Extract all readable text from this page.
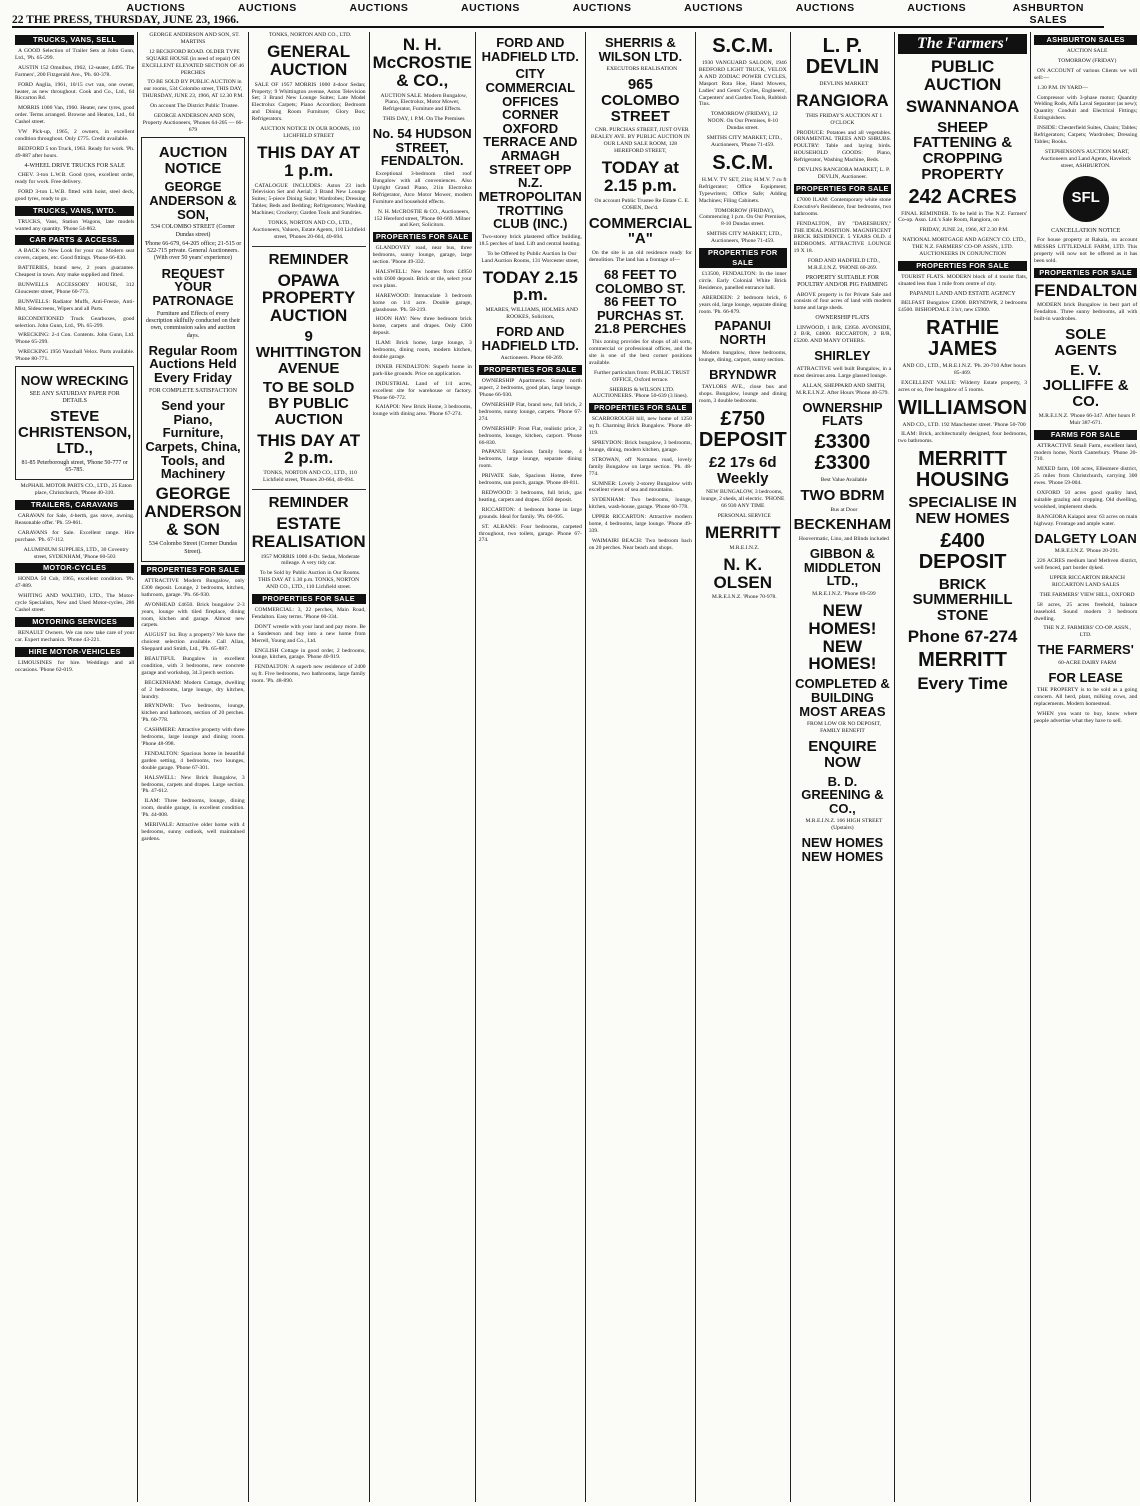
22 THE PRESS, THURSDAY, JUNE 23, 1966.
AUCTIONS	AUCTIONS	AUCTIONS	AUCTIONS	AUCTIONS	AUCTIONS	AUCTIONS	AUCTIONS	ASHBURTON SALES
TRUCKS, VANS, SELL

A GOOD Selection of Trailer Sets at John Gunn, Ltd., 'Ph. 65-299.

AUSTIN 152 Omnibus, 1962, 12-seater, £495. The Farmers', 200 Fitzgerald Ave., 'Ph. 60-378.

FORD Anglia, 1961, 10/15 cwt van, one owner, heater, as new throughout. Cook and Co., Ltd., 64 Riccarton Rd.

MORRIS 1000 Van, 1960. Heater, new tyres, good order. Terms arranged. Browne and Heaton, Ltd., 64 Cashel street.

VW Pick-up, 1965, 2 owners, in excellent condition throughout. Only £775. Credit available.

BEDFORD 5 ton Truck, 1963. Ready for work. 'Ph. 49-887 after hours.

4-WHEEL DRIVE TRUCKS FOR SALE

CHEV. 3-ton L.W.B. Good tyres, excellent order, ready for work. Free delivery.

FORD 3-ton L.W.B. fitted with hoist, steel deck, good tyres, ready to go.

TRUCKS, VANS, WTD.

TRUCKS, Vans, Station Wagons, late models wanted any quantity. 'Phone 54-862.

CAR PARTS & ACCESS.

A BACK to New Look for your car. Modern seat covers, carpets, etc. Good fittings. 'Phone 66-830.

BATTERIES, brand new, 2 years guarantee. Cheapest in town. Any make supplied and fitted.

BUNWELLS ACCESSORY HOUSE, 312 Gloucester street, 'Phone 60-773.

BUNWELLS: Radiator Muffs, Anti-Freeze, Anti-Mist, Sidescreens, Wipers and all Parts.

RECONDITIONED Truck Gearboxes, good selection. John Gunn, Ltd., 'Ph. 65-299.

WRECKING: 2-4 Con. Contents. John Gunn, Ltd. 'Phone 65-299.

WRECKING 1956 Vauxhall Velox. Parts available. 'Phone 80-771.

NOW WRECKING
SEE ANY SATURDAY PAPER FOR DETAILS
STEVE CHRISTENSON, LTD.,
81-85 Peterborough street, 'Phone 50-777 or 65-785.

McPHAIL MOTOR PARTS CO., LTD., 25 Eaton place, Christchurch, 'Phone 40-310.

TRAILERS, CARAVANS

CARAVAN for Sale, 4-berth, gas stove, awning. Reasonable offer. 'Ph. 59-861.

CARAVANS for Sale. Excellent range. Hire purchase. 'Ph. 67-112.

ALUMINIUM SUPPLIES, LTD., 30 Coventry street, SYDENHAM, 'Phone 60-503

MOTOR-CYCLES

HONDA 50 Cub, 1965, excellent condition. 'Ph. 47-889.

WHITING AND WALTHO, LTD., The Motor-cycle Specialists, New and Used Motor-cycles, 286 Cashel street.

MOTORING SERVICES

RENAULT Owners. We can now take care of your car. Expert mechanics. 'Phone 43-221.

HIRE MOTOR-VEHICLES

LIMOUSINES for hire. Weddings and all occasions. 'Phone 62-019.

GEORGE ANDERSON AND SON, ST. MARTINS

12 BECKFORD ROAD. OLDER TYPE SQUARE HOUSE (in need of repair) ON EXCELLENT ELEVATED SECTION OF 46 PERCHES

TO BE SOLD BY PUBLIC AUCTION in our rooms, 534 Colombo street, THIS DAY, THURSDAY, JUNE 23, 1966, AT 12.30 P.M.

On account The District Public Trustee.

GEORGE ANDERSON AND SON, Property Auctioneers, 'Phones 64-205 — 66-679

AUCTION NOTICE
GEORGE ANDERSON & SON,
534 COLOMBO STREET (Corner Dundas street)
'Phone 66-679, 64-205 office; 21-515 or 522-715 private. General Auctioneers. (With over 50 years' experience)
REQUEST YOUR PATRONAGE
Furniture and Effects of every description skilfully conducted on their own, commission sales and auction days.
Regular Room Auctions Held Every Friday
FOR COMPLETE SATISFACTION
Send your Piano, Furniture, Carpets, China, Tools, and Machinery
GEORGE ANDERSON & SON
534 Colombo Street (Corner Dundas Street).
PROPERTIES FOR SALE

ATTRACTIVE Modern Bungalow, only £300 deposit. Lounge, 2 bedrooms, kitchen, bathroom, garage. 'Ph. 66-930.

AVONHEAD £4650. Brick bungalow 2-3 years, lounge with tiled fireplace, dining room, kitchen and garage. Almost new carpets.

AUGUST 1st. Buy a property? We have the choicest selection available. Call Allan, Sheppard and Smith, Ltd., 'Ph. 65-887.

BEAUTIFUL Bungalow in excellent condition, with 3 bedrooms, new concrete garage and workshop, 34.3 perch section.

BECKENHAM: Modern Cottage, dwelling of 2 bedrooms, large lounge, dry kitchen, laundry.

BRYNDWR: Two bedrooms, lounge, kitchen and bathroom, section of 20 perches. 'Ph. 60-778.

CASHMERE: Attractive property with three bedrooms, large lounge and dining room. 'Phone 48-998.

FENDALTON: Spacious home in beautiful garden setting, 4 bedrooms, two lounges, double garage. 'Phone 67-301.

HALSWELL: New Brick Bungalow, 3 bedrooms, carpets and drapes. Large section. 'Ph. 47-612.

ILAM: Three bedrooms, lounge, dining room, double garage, in excellent condition. 'Ph. 44-008.

MERIVALE: Attractive older home with 4 bedrooms, sunny outlook, well maintained gardens.

TONKS, NORTON AND CO., LTD.

GENERAL AUCTION

SALE OF 1957 MORRIS 1000 4-door Sedan; Property; 9 Whittington avenue, Aston Television Set; 3 Brand New Lounge Suites; Late Model Electrolux Carpets; Piano Accordion; Bedroom and Dining Room Furniture; Glory Box; Refrigerators.

AUCTION NOTICE IN OUR ROOMS, 110 LICHFIELD STREET

THIS DAY AT 1 p.m.

CATALOGUE INCLUDES: Aston 23 inch Television Set and Aerial; 3 Brand New Lounge Suites; 5-piece Dining Suite; Wardrobes; Dressing Tables; Beds and Bedding; Refrigerators; Washing Machines; Crockery; Garden Tools and Sundries.

TONKS, NORTON AND CO., LTD., Auctioneers, Valuers, Estate Agents, 110 Lichfield street, 'Phones 20-664, 40-694.

REMINDER
OPAWA PROPERTY AUCTION
9 WHITTINGTON AVENUE
TO BE SOLD BY PUBLIC AUCTION
THIS DAY AT 2 p.m.

TONKS, NORTON AND CO., LTD., 110 Lichfield street, 'Phones 20-664, 40-694.

REMINDER
ESTATE REALISATION

1957 MORRIS 1000 4-Dr. Sedan, Moderate mileage. A very tidy car.

To be Sold by Public Auction in Our Rooms. THIS DAY AT 1.30 p.m. TONKS, NORTON AND CO., LTD., 110 Lichfield street.

PROPERTIES FOR SALE

COMMERCIAL: 3, 22 perches, Main Road, Fendalton. Easy terms. 'Phone 60-334.

DON'T wrestle with your land and pay more. Be a Sanderson and buy into a new home from Merrell, Young and Co., Ltd.

ENGLISH Cottage in good order, 2 bedrooms, lounge, kitchen, garage. 'Phone 40-919.

FENDALTON: A superb new residence of 2400 sq ft. Five bedrooms, two bathrooms, large family room. 'Ph. 48-890.

N. H. McCROSTIE & CO.,

AUCTION SALE. Modern Bungalow, Piano, Electrolux, Motor Mower, Refrigerator, Furniture and Effects.

THIS DAY, 1 P.M. On The Premises

No. 54 HUDSON STREET, FENDALTON.

Exceptional 3-bedroom tiled roof Bungalow with all conveniences. Also Upright Grand Piano, 21in Electrolux Refrigerator, Atco Motor Mower, modern Furniture and household effects.

N. H. McCROSTIE & CO., Auctioneers, 152 Hereford street, 'Phone 60-669. Milner and Kerr, Solicitors.

PROPERTIES FOR SALE

GLANDOVEY road, near bus, three bedrooms, sunny lounge, garage, large section. 'Phone 49-332.

HALSWELL: New homes from £4950 with £600 deposit. Brick or tile, select your own plans.

HAREWOOD: Immaculate 3 bedroom home on 1/4 acre. Double garage, glasshouse. 'Ph. 58-219.

HOON HAY: New three bedroom brick home, carpets and drapes. Only £300 deposit.

ILAM: Brick home, large lounge, 3 bedrooms, dining room, modern kitchen, double garage.

INNER FENDALTON: Superb home in park-like grounds. Price on application.

INDUSTRIAL Land of 1/4 acres, excellent site for warehouse or factory. 'Phone 60-772.

KAIAPOI: New Brick Home, 3 bedrooms, lounge with dining area. 'Phone 67-274.

FORD AND HADFIELD LTD.
CITY COMMERCIAL OFFICES CORNER OXFORD TERRACE AND ARMAGH STREET OPP N.Z. METROPOLITAN TROTTING CLUB (INC.)

Two-storey brick plastered office building, 18.5 perches of land. Lift and central heating.

To be Offered by Public Auction In Our Land Auction Rooms, 131 Worcester street,

TODAY 2.15 p.m.

MEARES, WILLIAMS, HOLMES AND ROOKES, Solicitors,

FORD AND HADFIELD LTD.

Auctioneers. Phone 60-269.

PROPERTIES FOR SALE

OWNERSHIP Apartments. Sunny north aspect, 2 bedrooms, good plan, large lounge. 'Phone 66-930.

OWNERSHIP Flat, brand new, full brick, 2 bedrooms, sunny lounge, carpets. 'Phone 67-274.

OWNERSHIP: Frost Flat, realistic price, 2 bedrooms, lounge, kitchen, carport. 'Phone 66-830.

PAPANUI: Spacious family home, 4 bedrooms, large lounge, separate dining room.

PRIVATE Sale, Spacious Home, three bedrooms, sun porch, garage. 'Phone 48-811.

REDWOOD: 3 bedrooms, full brick, gas heating, carpets and drapes. £650 deposit.

RICCARTON: 4 bedroom home in large grounds. Ideal for family. 'Ph. 60-995.

ST. ALBANS: Four bedrooms, carpeted throughout, two toilets, garage. Phone 67-274.

SHERRIS & WILSON LTD.

EXECUTORS REALISATION

965 COLOMBO STREET

CNR. PURCHAS STREET, JUST OVER BEALEY AVE. BY PUBLIC AUCTION IN OUR LAND SALE ROOM, 128 HEREFORD STREET,

TODAY at 2.15 p.m.

On account Public Trustee Re Estate C. E. COHEN, Dec'd.

COMMERCIAL "A"

On the site is an old residence ready for demolition. The land has a frontage of—

68 FEET TO COLOMBO ST. 86 FEET TO PURCHAS ST. 21.8 PERCHES

This zoning provides for shops of all sorts, commercial or professional offices, and the site is one of the best corner positions available.

Further particulars from: PUBLIC TRUST OFFICE, Oxford terrace.

SHERRIS & WILSON LTD. AUCTIONEERS. 'Phone 50-639 (3 lines).

PROPERTIES FOR SALE

SCARBOROUGH hill, new home of 1250 sq ft. Charming Brick Bungalow. 'Phone 48-119.

SPREYDON: Brick bungalow, 3 bedrooms, lounge, dining, modern kitchen, garage.

STROWAN, off Normans road, lovely family Bungalow on large section. 'Ph. 48-774.

SUMNER: Lovely 2-storey Bungalow with excellent views of sea and mountains.

SYDENHAM: Two bedrooms, lounge, kitchen, wash-house, garage. 'Phone 60-778.

UPPER RICCARTON: Attractive modern home, 4 bedrooms, large lounge. 'Phone 49-339.

WAIMAIRI BEACH: Two bedroom bach on 20 perches. Near beach and shops.

S.C.M.

1930 VANGUARD SALOON, 1946 BEDFORD LIGHT TRUCK, VELOX A AND ZODIAC POWER CYCLES, Masport Rota Hoe, Hand Mowers, Ladies' and Gents' Cycles, Engineers', Carpenters' and Garden Tools, Rubbish Tins.

TOMORROW (FRIDAY), 12 NOON. On Our Premises, 8-10 Dundas street.

SMITHS CITY MARKET, LTD., Auctioneers, 'Phone 71-459.

S.C.M.

H.M.V. TV SET, 21in; H.M.V. 7 cu ft Refrigerator; Office Equipment; Typewriters; Office Safe; Adding Machines; Filing Cabinets.

TOMORROW (FRIDAY), Commencing 1 p.m. On Our Premises, 8-10 Dundas street.

SMITHS CITY MARKET, LTD., Auctioneers, 'Phone 71-459.

PROPERTIES FOR SALE

£13500, FENDALTON: In the inner circle. Early Colonial White Brick Residence, panelled entrance hall.

ABERDEEN: 2 bedroom brick, 6 years old, large lounge, separate dining room. 'Ph. 66-879.

PAPANUI NORTH

Modern bungalow, three bedrooms, lounge, dining, carport, sunny section.

BRYNDWR

TAYLORS AVE., close bus and shops. Bungalow, lounge and dining room, 3 double bedrooms.

£750 DEPOSIT
£2 17s 6d Weekly

NEW BUNGALOW, 3 bedrooms, lounge, 2 sheds, all electric. 'PHONE 66 930 ANY TIME

PERSONAL SERVICE

MERRITT

M.R.E.I.N.Z.

N. K. OLSEN

M.R.E.I.N.Z. 'Phone 70-978.

L. P. DEVLIN

DEVLINS MARKET

RANGIORA

THIS FRIDAY'S AUCTION AT 1 O'CLOCK

PRODUCE: Potatoes and all vegetables. ORNAMENTAL TREES AND SHRUBS. POULTRY: Table and laying birds. HOUSEHOLD GOODS: Piano, Refrigerator, Washing Machine, Beds.

DEVLINS RANGIORA MARKET, L. P. DEVLIN, Auctioneer.

PROPERTIES FOR SALE

£7000 ILAM: Contemporary white stone Executive's Residence, four bedrooms, two bathrooms.

FENDALTON, BY "DARESBURY," THE IDEAL POSITION. MAGNIFICENT BRICK RESIDENCE. 5 YEARS OLD. 4 BEDROOMS. ATTRACTIVE LOUNGE 19 X 18.

FORD AND HADFIELD LTD., M.R.E.I.N.Z. 'PHONE 60-269.

PROPERTY SUITABLE FOR POULTRY AND/OR PIG FARMING

ABOVE property is for Private Sale and consists of four acres of land with modern home and large sheds.

OWNERSHIP FLATS

LINWOOD, 1 B/R, £3950. AVONSIDE, 2 B/R, £4800. RICCARTON, 2 B/R, £5200. AND MANY OTHERS.

SHIRLEY

ATTRACTIVE well built Bungalow, in a most desirous area. Large glassed lounge.

ALLAN, SHEPPARD AND SMITH, M.R.E.I.N.Z. After Hours 'Phone 40-579.

OWNERSHIP FLATS
£3300 £3300

Best Value Available

TWO BDRM

Bus at Door

BECKENHAM

Hoovermatic, Lino, and Blinds included

GIBBON & MIDDLETON LTD.,

M.R.E.I.N.Z. 'Phone 69-599

NEW HOMES! NEW HOMES!
COMPLETED & BUILDING MOST AREAS

FROM LOW OR NO DEPOSIT, FAMILY BENEFIT

ENQUIRE NOW
B. D. GREENING & CO.,

M.R.E.I.N.Z. 166 HIGH STREET (Upstairs)

NEW HOMES NEW HOMES
The Farmers'
PUBLIC AUCTION
SWANNANOA
SHEEP FATTENING & CROPPING PROPERTY
242 ACRES

FINAL REMINDER. To be held in The N.Z. Farmers' Co-op. Assn. Ltd.'s Sale Room, Rangiora, on

FRIDAY, JUNE 24, 1966, AT 2.30 P.M.

NATIONAL MORTGAGE AND AGENCY CO. LTD., THE N.Z. FARMERS' CO-OP. ASSN., LTD. AUCTIONEERS IN CONJUNCTION

PROPERTIES FOR SALE

TOURIST FLATS. MODERN block of 4 tourist flats, situated less than 1 mile from centre of city.

PAPANUI LAND AND ESTATE AGENCY

BELFAST Bungalow £3900. BRYNDWR, 2 bedrooms £4500. BISHOPDALE 3 b/r, new £5900.

RATHIE JAMES

AND CO., LTD., M.R.E.I.N.Z. 'Ph. 20-710 After hours 85-469.

EXCELLENT VALUE: Wilderry Estate property, 3 acres or so, free bungalow of 5 rooms.

WILLIAMSON

AND CO., LTD. 192 Manchester street. 'Phone 50-700

ILAM: Brick, architecturally designed, four bedrooms, two bathrooms.

MERRITT HOUSING
SPECIALISE IN NEW HOMES
£400 DEPOSIT
BRICK SUMMERHILL STONE
Phone 67-274
MERRITT
Every Time
ASHBURTON SALES

AUCTION SALE

TOMORROW (FRIDAY)

ON ACCOUNT of various Clients we will sell:—

1.30 P.M. IN YARD—

Compressor with 3-phase motor; Quantity Welding Rods, Alfa Laval Separator (as new); Quantity Conduit and Electrical Fittings; Extinguishers.

INSIDE: Chesterfield Suites, Chairs; Tables; Refrigerators; Carpets; Wardrobes; Dressing Tables; Books.

STEPHENSON'S AUCTION MART, Auctioneers and Land Agents, Havelock street, ASHBURTON.

SFL
CANCELLATION NOTICE

For house property at Rakaia, on account MESSRS LITTLEDALE FARM, LTD. This property will now not be offered as it has been sold.

PROPERTIES FOR SALE
FENDALTON

MODERN brick Bungalow in best part of Fendalton. Three sunny bedrooms, all with built-in wardrobes.

SOLE AGENTS
E. V. JOLLIFFE & CO.

M.R.E.I.N.Z. 'Phone 66-347. After hours P. Muir 387-671.

FARMS FOR SALE

ATTRACTIVE Small Farm, excellent land, modern home, North Canterbury. 'Phone 20-710.

MIXED farm, 100 acres, Ellesmere district, 25 miles from Christchurch, carrying 300 ewes. 'Phone 59-004.

OXFORD 50 acres good quality land, suitable grazing and cropping. Old dwelling, woolshed, implement sheds.

RANGIORA Kaiapoi area: 63 acres on main highway. Frontage and ample water.

DALGETY LOAN

M.R.E.I.N.Z. 'Phone 20-291.

226 ACRES medium land Methven district, well fenced, part border dyked.

UPPER RICCARTON BRANCH RICCARTON LAND SALES

THE FARMERS' VIEW HILL, OXFORD

58 acres, 25 acres freehold, balance leasehold. Sound modern 3 bedroom dwelling.

THE N.Z. FARMERS' CO-OP. ASSN., LTD.

THE FARMERS'

60-ACRE DAIRY FARM

FOR LEASE

THE PROPERTY is to be sold as a going concern. All herd, plant, milking cows, and replacements. Modern homestead.

WHEN you want to buy, know where people advertise what they have to sell.
